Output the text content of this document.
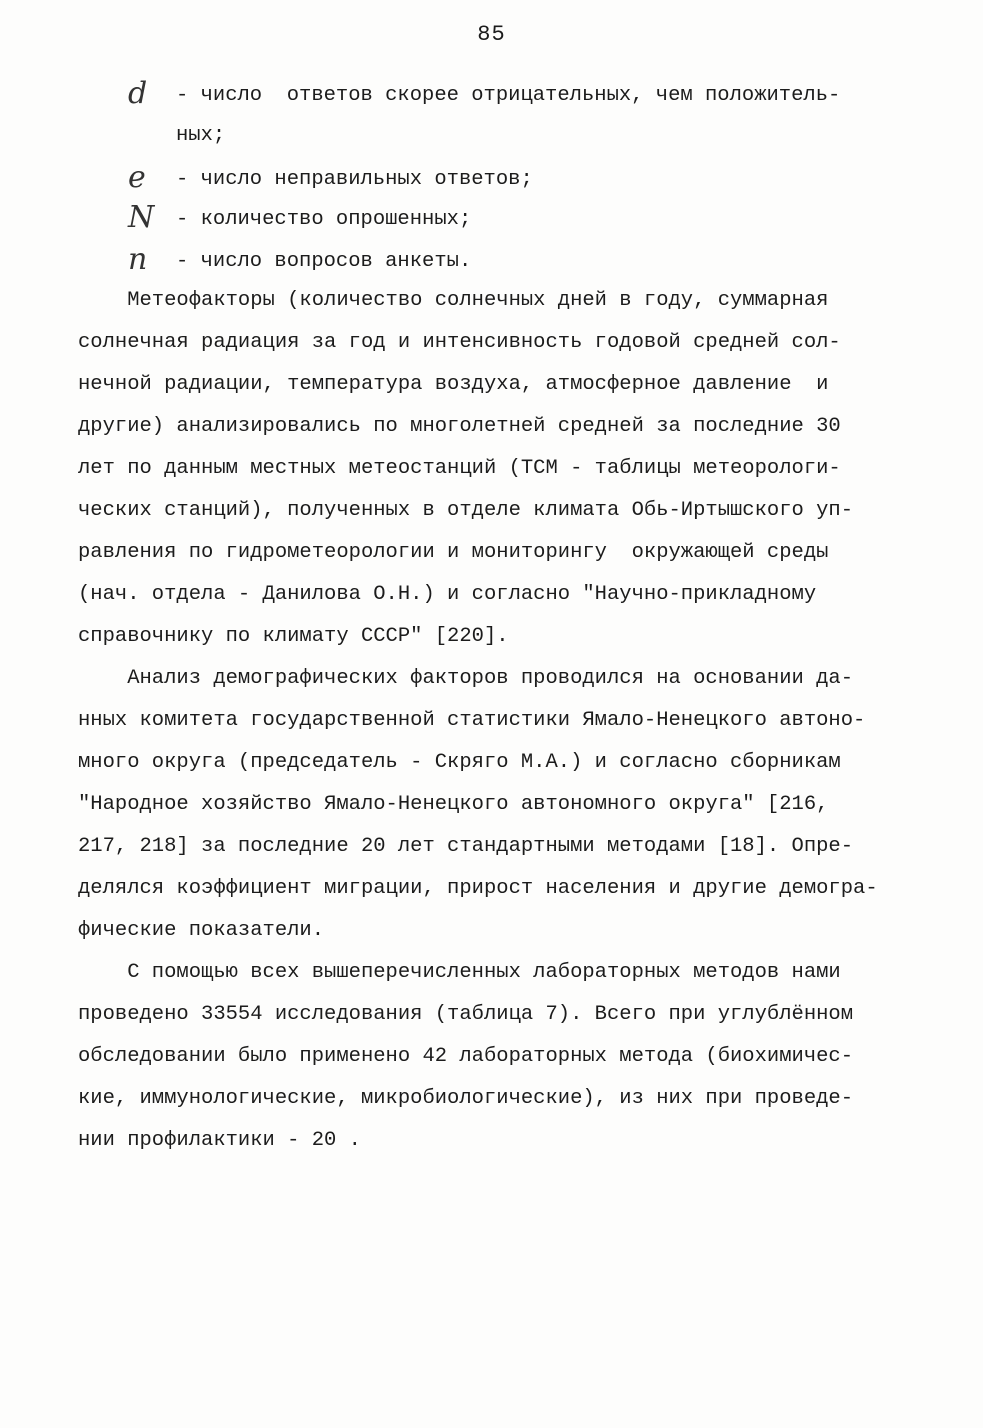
85
d - число  ответов скорее отрицательных, чем положитель-
ных;
e - число неправильных ответов;
N - количество опрошенных;
n - число вопросов анкеты.
Метеофакторы (количество солнечных дней в году, суммарная
солнечная радиация за год и интенсивность годовой средней сол-
нечной радиации, температура воздуха, атмосферное давление  и
другие) анализировались по многолетней средней за последние 30
лет по данным местных метеостанций (ТСМ - таблицы метеорологи-
ческих станций), полученных в отделе климата Обь-Иртышского уп-
равления по гидрометеорологии и мониторингу  окружающей среды
(нач. отдела - Данилова О.Н.) и согласно "Научно-прикладному
справочнику по климату СССР" [220].
Анализ демографических факторов проводился на основании да-
нных комитета государственной статистики Ямало-Ненецкого автоно-
много округа (председатель - Скряго М.А.) и согласно сборникам
"Народное хозяйство Ямало-Ненецкого автономного округа" [216,
217, 218] за последние 20 лет стандартными методами [18]. Опре-
делялся коэффициент миграции, прирост населения и другие демогра-
фические показатели.
С помощью всех вышеперечисленных лабораторных методов нами
проведено 33554 исследования (таблица 7). Всего при углублённом
обследовании было применено 42 лабораторных метода (биохимичес-
кие, иммунологические, микробиологические), из них при проведе-
нии профилактики - 20 .
